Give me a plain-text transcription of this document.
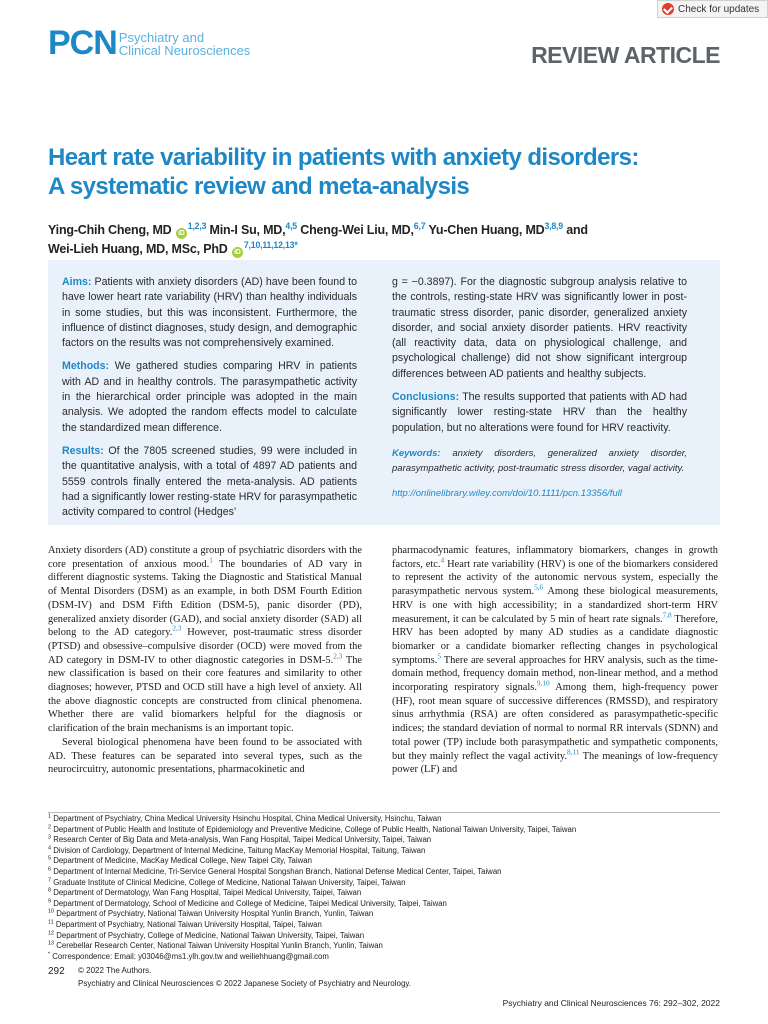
PCN Psychiatry and
Clinical Neurosciences
Check for updates
REVIEW ARTICLE
Heart rate variability in patients with anxiety disorders:
A systematic review and meta-analysis
Ying-Chih Cheng, MD iD$^{1,2,3}$ Min-I Su, MD,$^{4,5}$ Cheng-Wei Liu, MD,$^{6,7}$ Yu-Chen Huang, MD$^{3,8,9}$ and
Wei-Lieh Huang, MD, MSc, PhD $iD^{7,10,11,12,13*}$

Aims: Patients with anxiety disorders (AD) have been found to have lower heart rate variability (HRV) than healthy individuals in some studies, but this was inconsistent. Furthermore, the influence of distinct diagnoses, study design, and demographic factors on the results was not comprehensively examined.

Methods: We gathered studies comparing HRV in patients with AD and in healthy controls. The parasympathetic activity in the hierarchical order principle was adopted in the main analysis. We adopted the random effects model to calculate the standardized mean difference.

Results: Of the 7805 screened studies, 99 were included in the quantitative analysis, with a total of 4897 AD patients and 5559 controls finally entered the meta-analysis. AD patients had a significantly lower resting-state HRV for parasympathetic activity compared to control (Hedges’

g = −0.3897). For the diagnostic subgroup analysis relative to the controls, resting-state HRV was significantly lower in post-traumatic stress disorder, panic disorder, generalized anxiety disorder, and social anxiety disorder patients. HRV reactivity (all reactivity data, data on physiological challenge, and psychological challenge) did not show significant intergroup differences between AD patients and healthy subjects.

Conclusions: The results supported that patients with AD had significantly lower resting-state HRV than the healthy population, but no alterations were found for HRV reactivity.

Keywords: anxiety disorders, generalized anxiety disorder, parasympathetic activity, post-traumatic stress disorder, vagal activity.

http://onlinelibrary.wiley.com/doi/10.1111/pcn.13356/full

Anxiety disorders (AD) constitute a group of psychiatric disorders with the core presentation of anxious mood.$^1$ The boundaries of AD vary in different diagnostic systems. Taking the Diagnostic and Statistical Manual of Mental Disorders (DSM) as an example, in both DSM Fourth Edition (DSM-IV) and DSM Fifth Edition (DSM-5), panic disorder (PD), generalized anxiety disorder (GAD), and social anxiety disorder (SAD) all belong to the AD category.$^{2,3}$ However, post-traumatic stress disorder (PTSD) and obsessive–compulsive disorder (OCD) were moved from the AD category in DSM-IV to other diagnostic categories in DSM-5.$^{2,3}$ The new classification is based on their core features and similarity to other diagnoses; however, PTSD and OCD still have a high level of anxiety. All the above diagnostic concepts are constructed from clinical phenomena. Whether there are valid biomarkers helpful for the diagnosis or clarification of the brain mechanisms is an important topic.

Several biological phenomena have been found to be associated with AD. These features can be separated into several types, such as the neurocircuitry, autonomic presentations, pharmacokinetic and

pharmacodynamic features, inflammatory biomarkers, changes in growth factors, etc.$^4$ Heart rate variability (HRV) is one of the biomarkers considered to represent the activity of the autonomic nervous system, especially the parasympathetic nervous system.$^{5,6}$ Among these biological measurements, HRV is one with high accessibility; in a standardized short-term HRV measurement, it can be calculated by 5 min of heart rate signals.$^{7,8}$ Therefore, HRV has been adopted by many AD studies as a candidate diagnostic biomarker or a candidate biomarker reflecting changes in psychological symptoms.$^5$ There are several approaches for HRV analysis, such as the time-domain method, frequency domain method, non-linear method, and a method incorporating respiratory signals.$^{9,10}$ Among them, high-frequency power (HF), root mean square of successive differences (RMSSD), and respiratory sinus arrhythmia (RSA) are often considered as parasympathetic-specific indices; the standard deviation of normal to normal RR intervals (SDNN) and total power (TP) include both parasympathetic and sympathetic components, but they mainly reflect the vagal activity.$^{8,11}$ The meanings of low-frequency power (LF) and

$^1$ Department of Psychiatry, China Medical University Hsinchu Hospital, China Medical University, Hsinchu, Taiwan
$^2$ Department of Public Health and Institute of Epidemiology and Preventive Medicine, College of Public Health, National Taiwan University, Taipei, Taiwan
$^3$ Research Center of Big Data and Meta-analysis, Wan Fang Hospital, Taipei Medical University, Taipei, Taiwan
$^4$ Division of Cardiology, Department of Internal Medicine, Taitung MacKay Memorial Hospital, Taitung, Taiwan
$^5$ Department of Medicine, MacKay Medical College, New Taipei City, Taiwan
$^6$ Department of Internal Medicine, Tri-Service General Hospital Songshan Branch, National Defense Medical Center, Taipei, Taiwan
$^7$ Graduate Institute of Clinical Medicine, College of Medicine, National Taiwan University, Taipei, Taiwan
$^8$ Department of Dermatology, Wan Fang Hospital, Taipei Medical University, Taipei, Taiwan
$^9$ Department of Dermatology, School of Medicine and College of Medicine, Taipei Medical University, Taipei, Taiwan
$^{10}$ Department of Psychiatry, National Taiwan University Hospital Yunlin Branch, Yunlin, Taiwan
$^{11}$ Department of Psychiatry, National Taiwan University Hospital, Taipei, Taiwan
$^{12}$ Department of Psychiatry, College of Medicine, National Taiwan University, Taipei, Taiwan
$^{13}$ Cerebellar Research Center, National Taiwan University Hospital Yunlin Branch, Yunlin, Taiwan
* Correspondence: Email: y03046@ms1.ylh.gov.tw and weiliehhuang@gmail.com
292 © 2022 The Authors.
Psychiatry and Clinical Neurosciences © 2022 Japanese Society of Psychiatry and Neurology.
Psychiatry and Clinical Neurosciences 76: 292–302, 2022
